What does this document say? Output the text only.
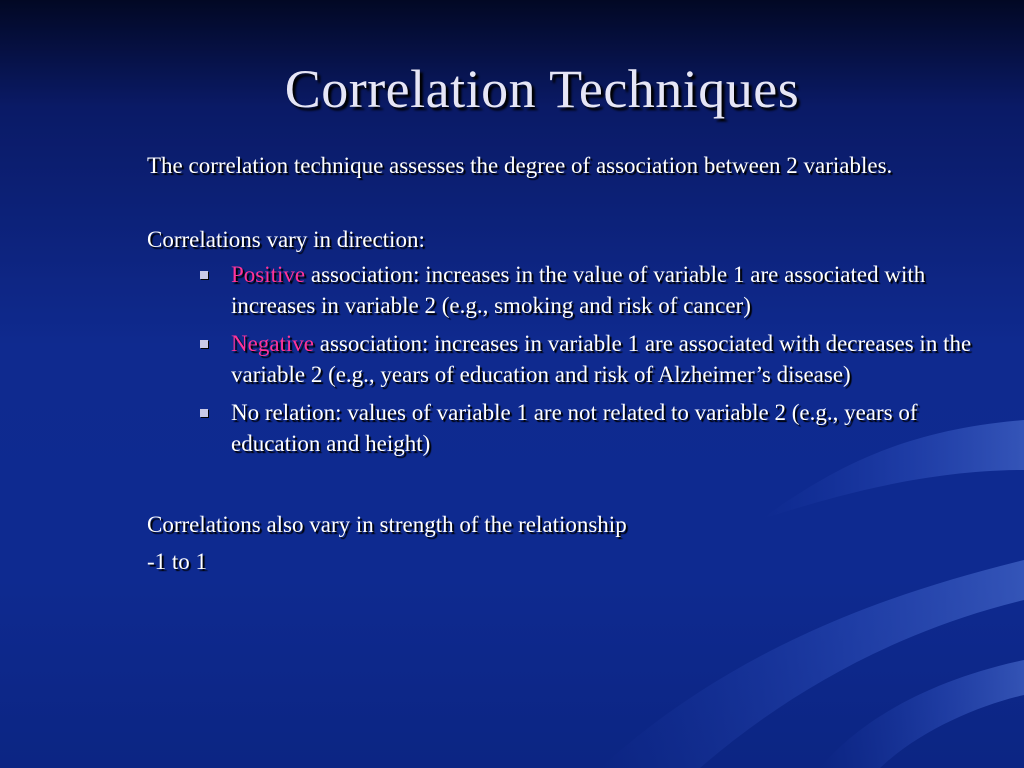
Correlation Techniques
The correlation technique assesses the degree of association between 2 variables.
Correlations vary in direction:
Positive association: increases in the value of variable 1 are associated with increases in variable 2 (e.g., smoking and risk of cancer)
Negative association: increases in variable 1 are associated with decreases in the variable 2 (e.g., years of education and risk of Alzheimer’s disease)
No relation: values of variable 1 are not related to variable 2 (e.g., years of education and height)
Correlations also vary in strength of the relationship
-1 to 1
